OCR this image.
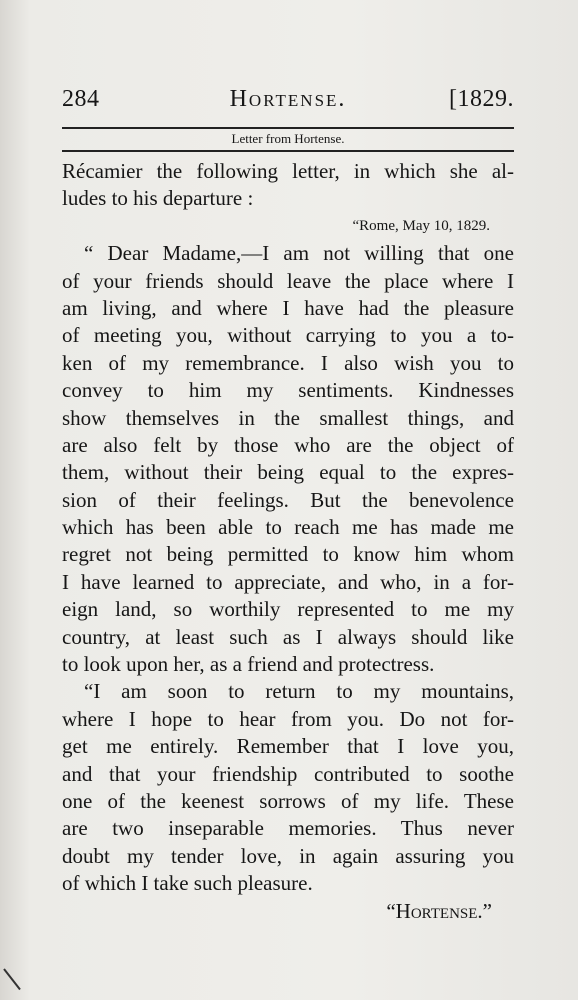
284	Hortense.	[1829.
Letter from Hortense.
Récamier the following letter, in which she al-
ludes to his departure :
“Rome, May 10, 1829.
“ Dear Madame,—I am not willing that one
of your friends should leave the place where I
am living, and where I have had the pleasure
of meeting you, without carrying to you a to-
ken of my remembrance. I also wish you to
convey to him my sentiments. Kindnesses
show themselves in the smallest things, and
are also felt by those who are the object of
them, without their being equal to the expres-
sion of their feelings. But the benevolence
which has been able to reach me has made me
regret not being permitted to know him whom
I have learned to appreciate, and who, in a for-
eign land, so worthily represented to me my
country, at least such as I always should like
to look upon her, as a friend and protectress.
“I am soon to return to my mountains,
where I hope to hear from you. Do not for-
get me entirely. Remember that I love you,
and that your friendship contributed to soothe
one of the keenest sorrows of my life. These
are two inseparable memories. Thus never
doubt my tender love, in again assuring you
of which I take such pleasure.
“Hortense.”
